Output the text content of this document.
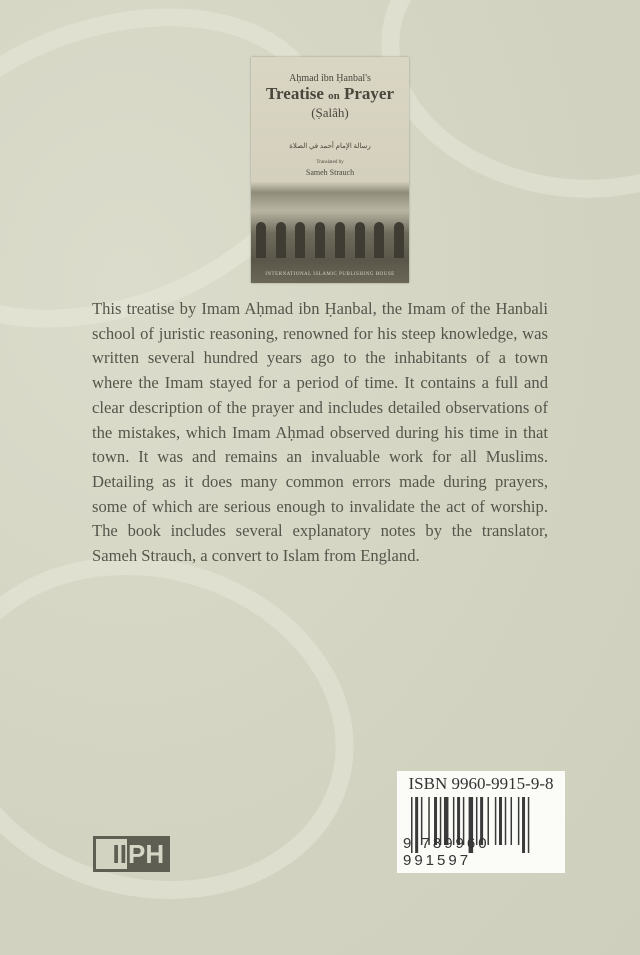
Aḥmad ibn Ḥanbal's
Treatise on Prayer
(Ṣalâh)
رسالة الإمام أحمد في الصلاة
Translated by
Sameh Strauch
INTERNATIONAL ISLAMIC PUBLISHING HOUSE
This treatise by Imam Aḥmad ibn Ḥanbal, the Imam of the Hanbali
school of juristic reasoning, renowned for his steep knowledge, was
written several hundred years ago to the inhabitants of a town
where the Imam stayed for a period of time. It contains a full and
clear description of the prayer and includes detailed observations of
the mistakes, which Imam Aḥmad observed during his time in that
town. It was and remains an invaluable work for all Muslims.
Detailing as it does many common errors made during prayers,
some of which are serious enough to invalidate the act of worship.
The book includes several explanatory notes by the translator,
Sameh Strauch, a convert to Islam from England.
ISBN 9960-9915-9-8
9 789960 991597
II PH
